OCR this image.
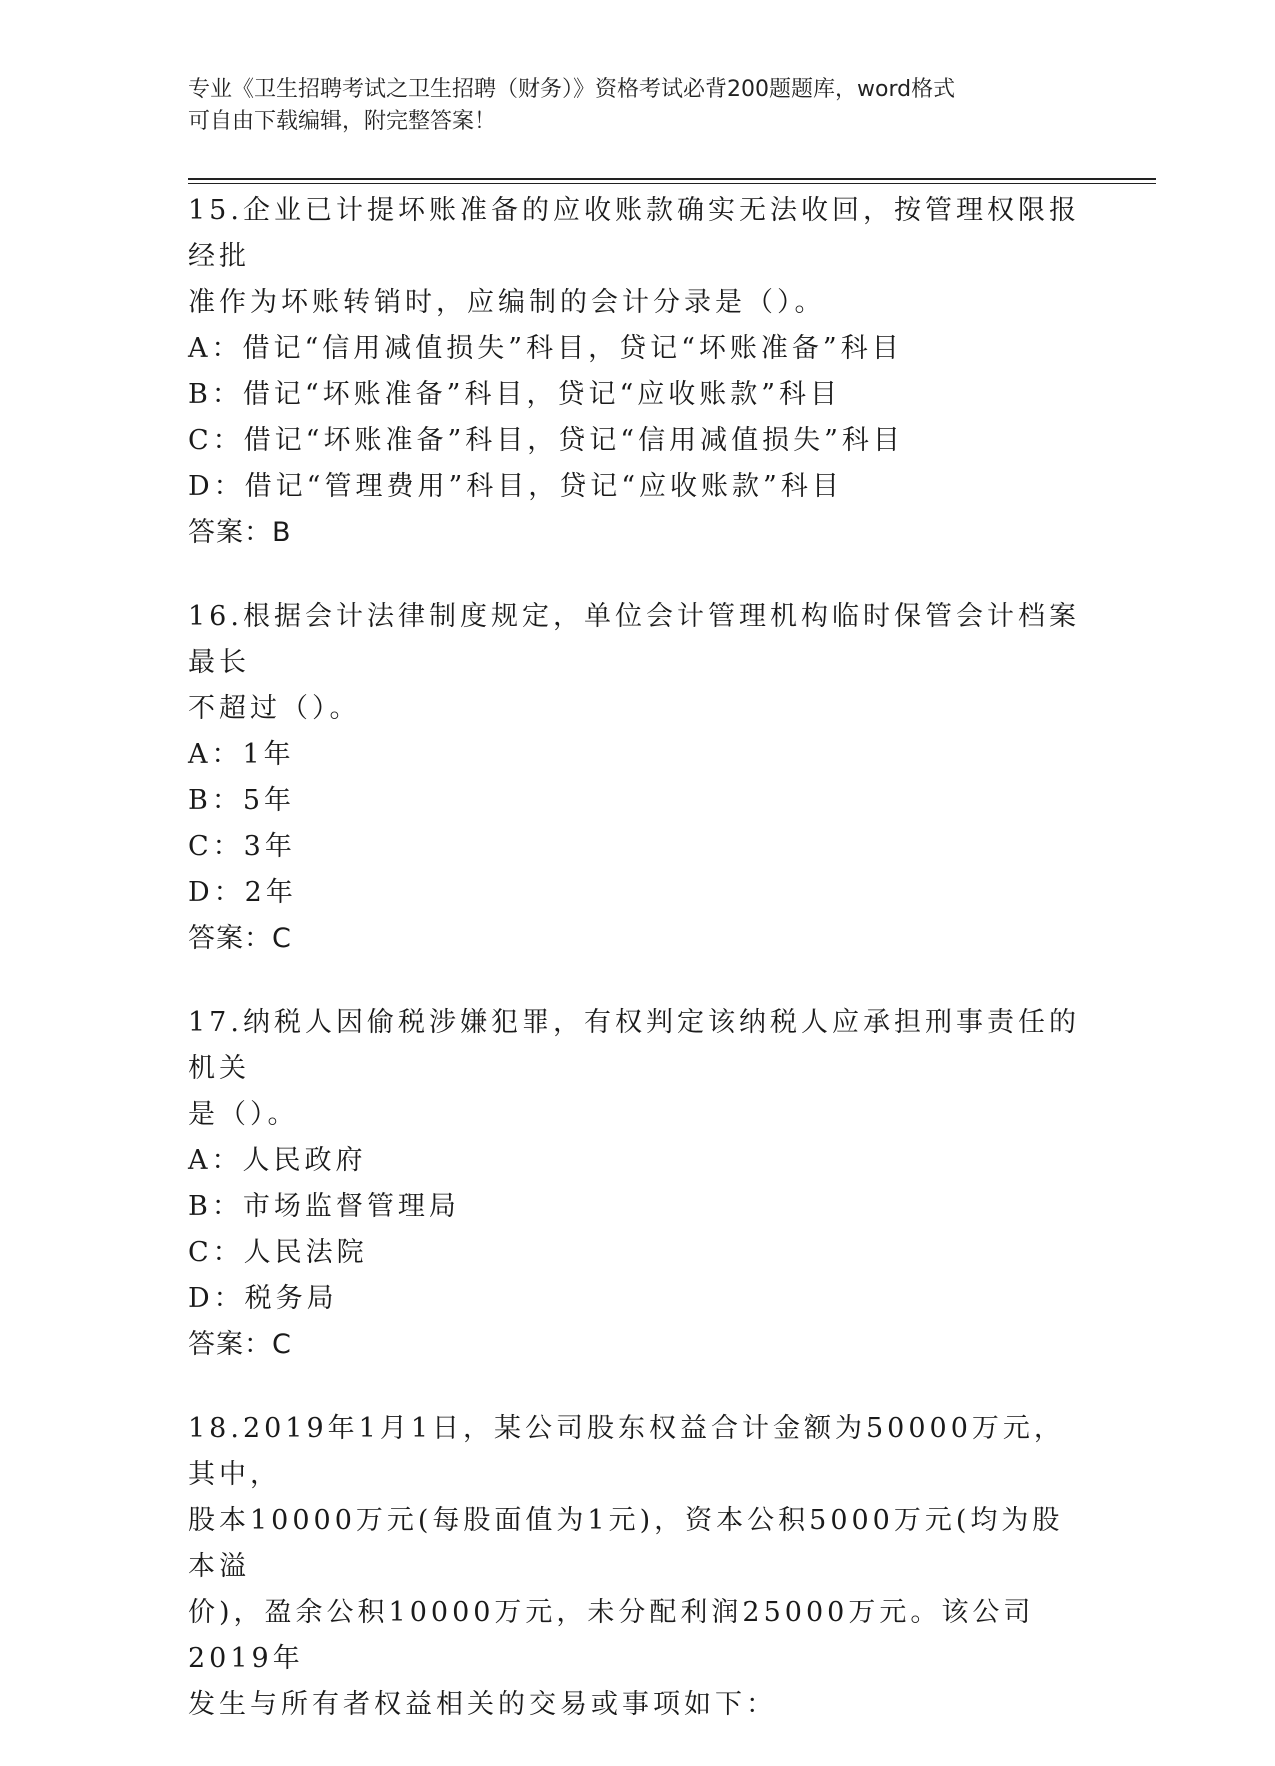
专业《卫生招聘考试之卫生招聘（财务）》资格考试必背200题题库，word格式
可自由下载编辑，附完整答案！

15.企业已计提坏账准备的应收账款确实无法收回，按管理权限报经批

准作为坏账转销时，应编制的会计分录是（）。

A：借记“信用减值损失”科目，贷记“坏账准备”科目

B：借记“坏账准备”科目，贷记“应收账款”科目

C：借记“坏账准备”科目，贷记“信用减值损失”科目

D：借记“管理费用”科目，贷记“应收账款”科目

答案：B

16.根据会计法律制度规定，单位会计管理机构临时保管会计档案最长

不超过（）。

A：1年

B：5年

C：3年

D：2年

答案：C

17.纳税人因偷税涉嫌犯罪，有权判定该纳税人应承担刑事责任的机关

是（）。

A：人民政府

B：市场监督管理局

C：人民法院

D：税务局

答案：C

18.2019年1月1日，某公司股东权益合计金额为50000万元，其中，

股本10000万元(每股面值为1元)，资本公积5000万元(均为股本溢

价)，盈余公积10000万元，未分配利润25000万元。该公司2019年

发生与所有者权益相关的交易或事项如下：
